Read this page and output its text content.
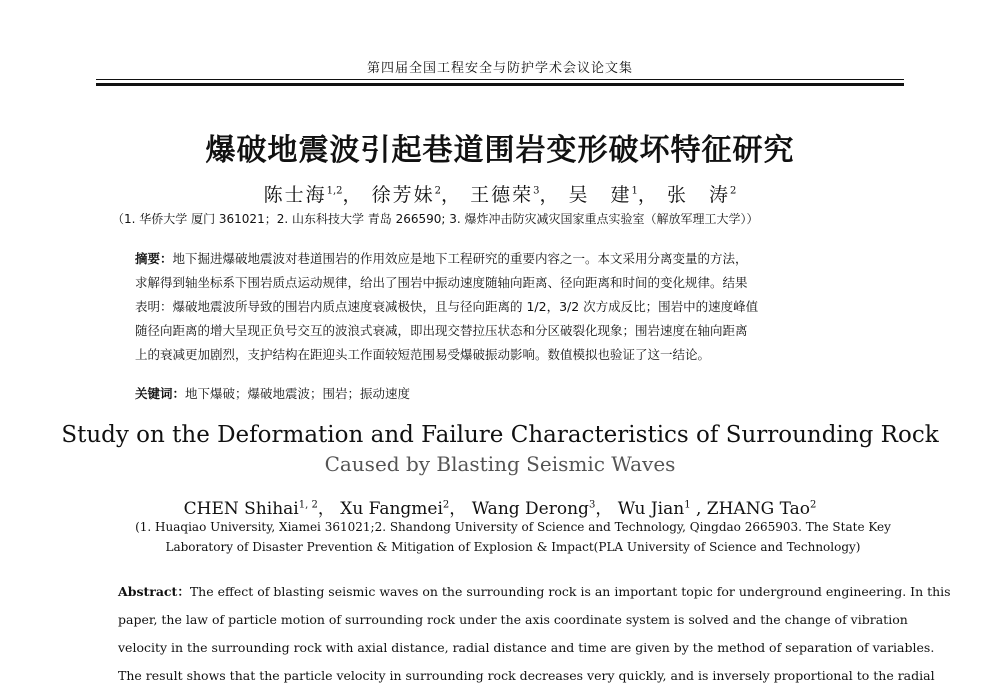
第四届全国工程安全与防护学术会议论文集
爆破地震波引起巷道围岩变形破坏特征研究
陈士海$^{1,2}$， 徐芳妹$^2$， 王德荣$^3$， 吴　建$^1$， 张　涛$^2$
（1. 华侨大学 厦门 361021；2. 山东科技大学 青岛 266590; 3. 爆炸冲击防灾减灾国家重点实验室（解放军理工大学））
摘要：地下掘进爆破地震波对巷道围岩的作用效应是地下工程研究的重要内容之一。本文采用分离变量的方法，
求解得到轴坐标系下围岩质点运动规律，给出了围岩中振动速度随轴向距离、径向距离和时间的变化规律。结果
表明：爆破地震波所导致的围岩内质点速度衰减极快，且与径向距离的 1/2，3/2 次方成反比；围岩中的速度峰值
随径向距离的增大呈现正负号交互的波浪式衰减，即出现交替拉压状态和分区破裂化现象；围岩速度在轴向距离
上的衰减更加剧烈，支护结构在距迎头工作面较短范围易受爆破振动影响。数值模拟也验证了这一结论。
关键词：地下爆破；爆破地震波；围岩；振动速度
Study on the Deformation and Failure Characteristics of Surrounding Rock
Caused by Blasting Seismic Waves
CHEN Shihai$^{1, 2}$， Xu Fangmei$^2$， Wang Derong$^3$， Wu Jian$^1$ , ZHANG Tao$^2$
(1. Huaqiao University, Xiamei 361021;2. Shandong University of Science and Technology, Qingdao 2665903. The State Key
Laboratory of Disaster Prevention & Mitigation of Explosion & Impact(PLA University of Science and Technology)
Abstract：The effect of blasting seismic waves on the surrounding rock is an important topic for underground engineering. In this
paper, the law of particle motion of surrounding rock under the axis coordinate system is solved and the change of vibration
velocity in the surrounding rock with axial distance, radial distance and time are given by the method of separation of variables.
The result shows that the particle velocity in surrounding rock decreases very quickly, and is inversely proportional to the radial
